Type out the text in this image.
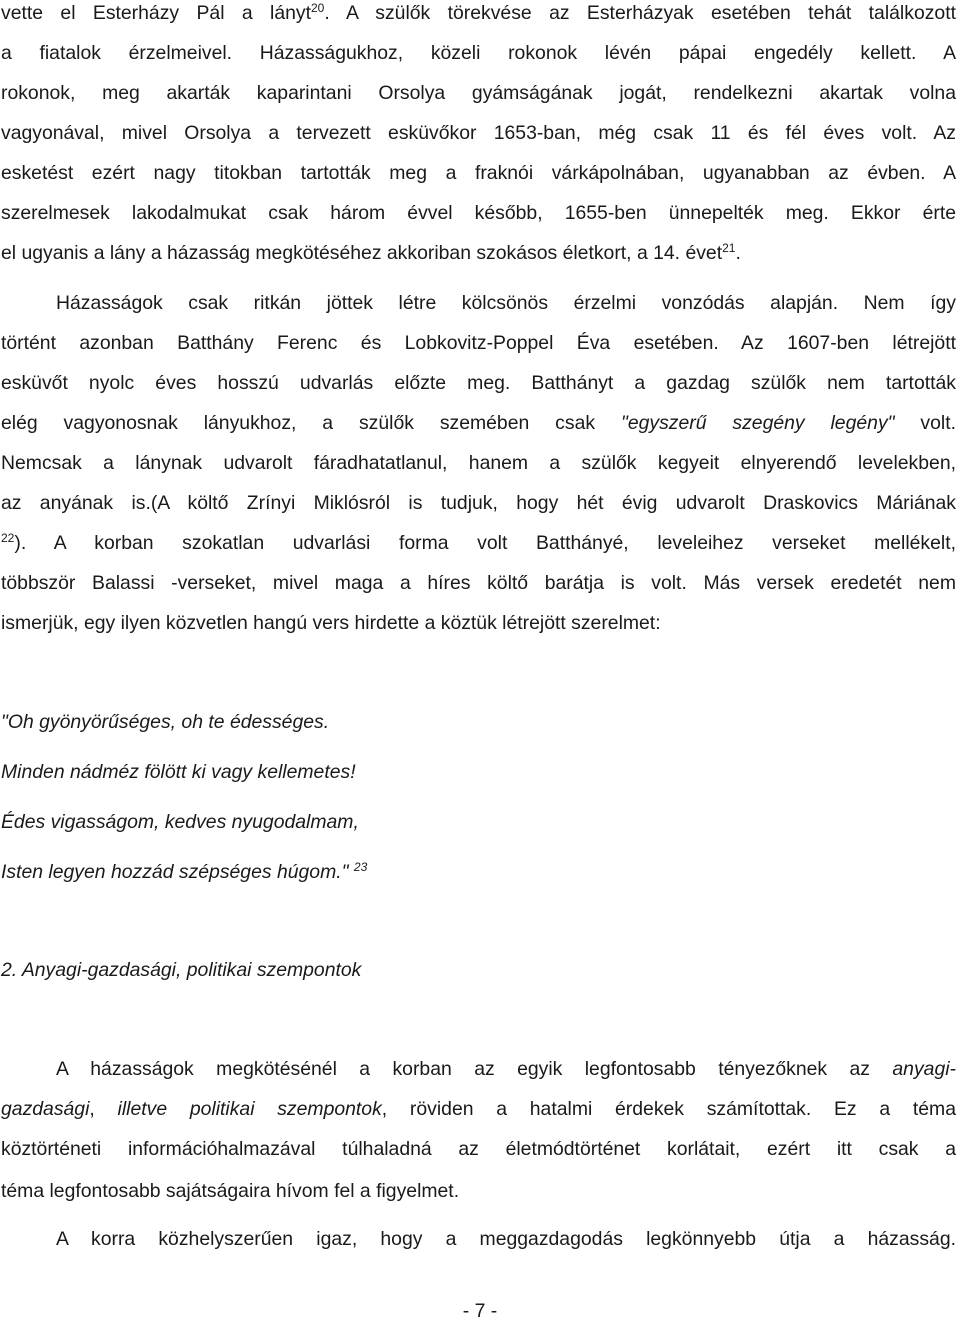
vette el Esterházy Pál a lányt$^{20}$. A szülők törekvése az Esterházyak esetében tehát találkozott
a fiatalok érzelmeivel. Házasságukhoz, közeli rokonok lévén pápai engedély kellett. A
rokonok, meg akarták kaparintani Orsolya gyámságának jogát, rendelkezni akartak volna
vagyonával, mivel Orsolya a tervezett esküvőkor 1653-ban, még csak 11 és fél éves volt. Az
esketést ezért nagy titokban tartották meg a fraknói várkápolnában, ugyanabban az évben. A
szerelmesek lakodalmukat csak három évvel később, 1655-ben ünnepelték meg. Ekkor érte
el ugyanis a lány a házasság megkötéséhez akkoriban szokásos életkort, a 14. évet$^{21}$.
Házasságok csak ritkán jöttek létre kölcsönös érzelmi vonzódás alapján. Nem így
történt azonban Batthány Ferenc és Lobkovitz-Poppel Éva esetében. Az 1607-ben létrejött
esküvőt nyolc éves hosszú udvarlás előzte meg. Batthányt a gazdag szülők nem tartották
elég vagyonosnak lányukhoz, a szülők szemében csak "egyszerű szegény legény" volt.
Nemcsak a lánynak udvarolt fáradhatatlanul, hanem a szülők kegyeit elnyerendő levelekben,
az anyának is.(A költő Zrínyi Miklósról is tudjuk, hogy hét évig udvarolt Draskovics Máriának
$^{22}$). A korban szokatlan udvarlási forma volt Batthányé, leveleihez verseket mellékelt,
többször Balassi -verseket, mivel maga a híres költő barátja is volt. Más versek eredetét nem
ismerjük, egy ilyen közvetlen hangú vers hirdette a köztük létrejött szerelmet:
"Oh gyönyörűséges, oh te édességes.
Minden nádméz fölött ki vagy kellemetes!
Édes vigasságom, kedves nyugodalmam,
Isten legyen hozzád szépséges húgom." $^{23}$
2. Anyagi-gazdasági, politikai szempontok
A házasságok megkötésénél a korban az egyik legfontosabb tényezőknek az anyagi-
gazdasági, illetve politikai szempontok, röviden a hatalmi érdekek számítottak. Ez a téma
köztörténeti információhalmazával túlhaladná az életmódtörténet korlátait, ezért itt csak a
téma legfontosabb sajátságaira hívom fel a figyelmet.
A korra közhelyszerűen igaz, hogy a meggazdagodás legkönnyebb útja a házasság.
- 7 -
